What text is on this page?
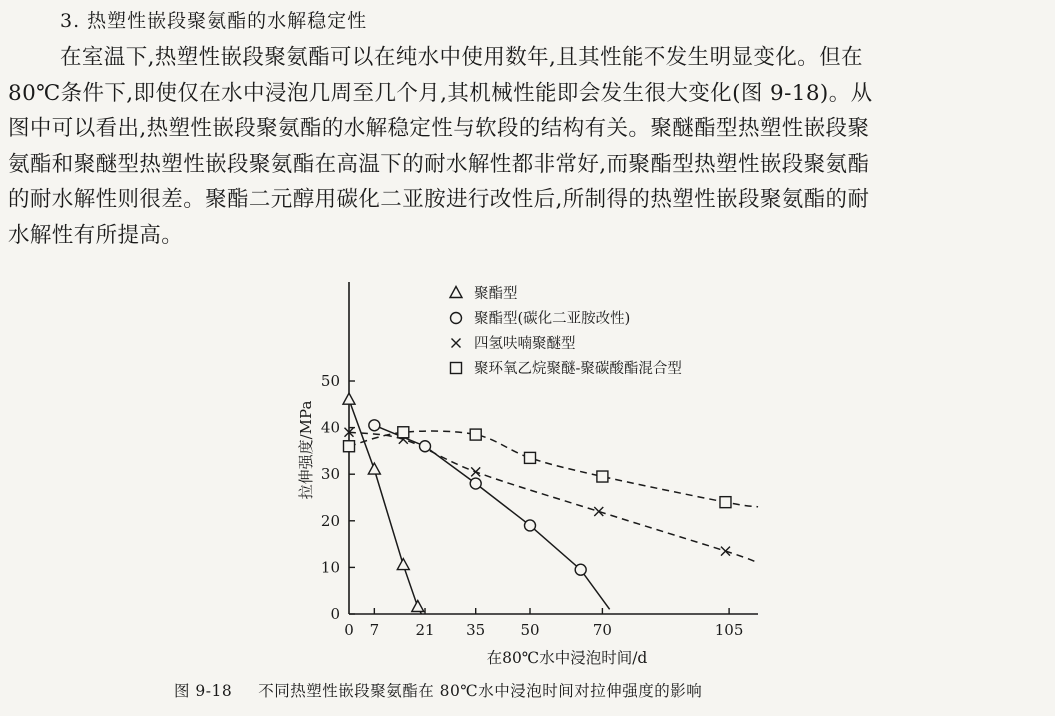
3. 热塑性嵌段聚氨酯的水解稳定性
在室温下,热塑性嵌段聚氨酯可以在纯水中使用数年,且其性能不发生明显变化。但在
80℃条件下,即使仅在水中浸泡几周至几个月,其机械性能即会发生很大变化(图 9-18)。从
图中可以看出,热塑性嵌段聚氨酯的水解稳定性与软段的结构有关。聚醚酯型热塑性嵌段聚
氨酯和聚醚型热塑性嵌段聚氨酯在高温下的耐水解性都非常好,而聚酯型热塑性嵌段聚氨酯
的耐水解性则很差。聚酯二元醇用碳化二亚胺进行改性后,所制得的热塑性嵌段聚氨酯的耐
水解性有所提高。
0
10
20
30
40
50
0 7 21 35 50	70	105
聚酯型
聚酯型(碳化二亚胺改性)
四氢呋喃聚醚型
聚环氧乙烷聚醚-聚碳酸酯混合型
拉伸强度/MPa
在80℃水中浸泡时间/d
图 9-18 不同热塑性嵌段聚氨酯在 80℃水中浸泡时间对拉伸强度的影响
